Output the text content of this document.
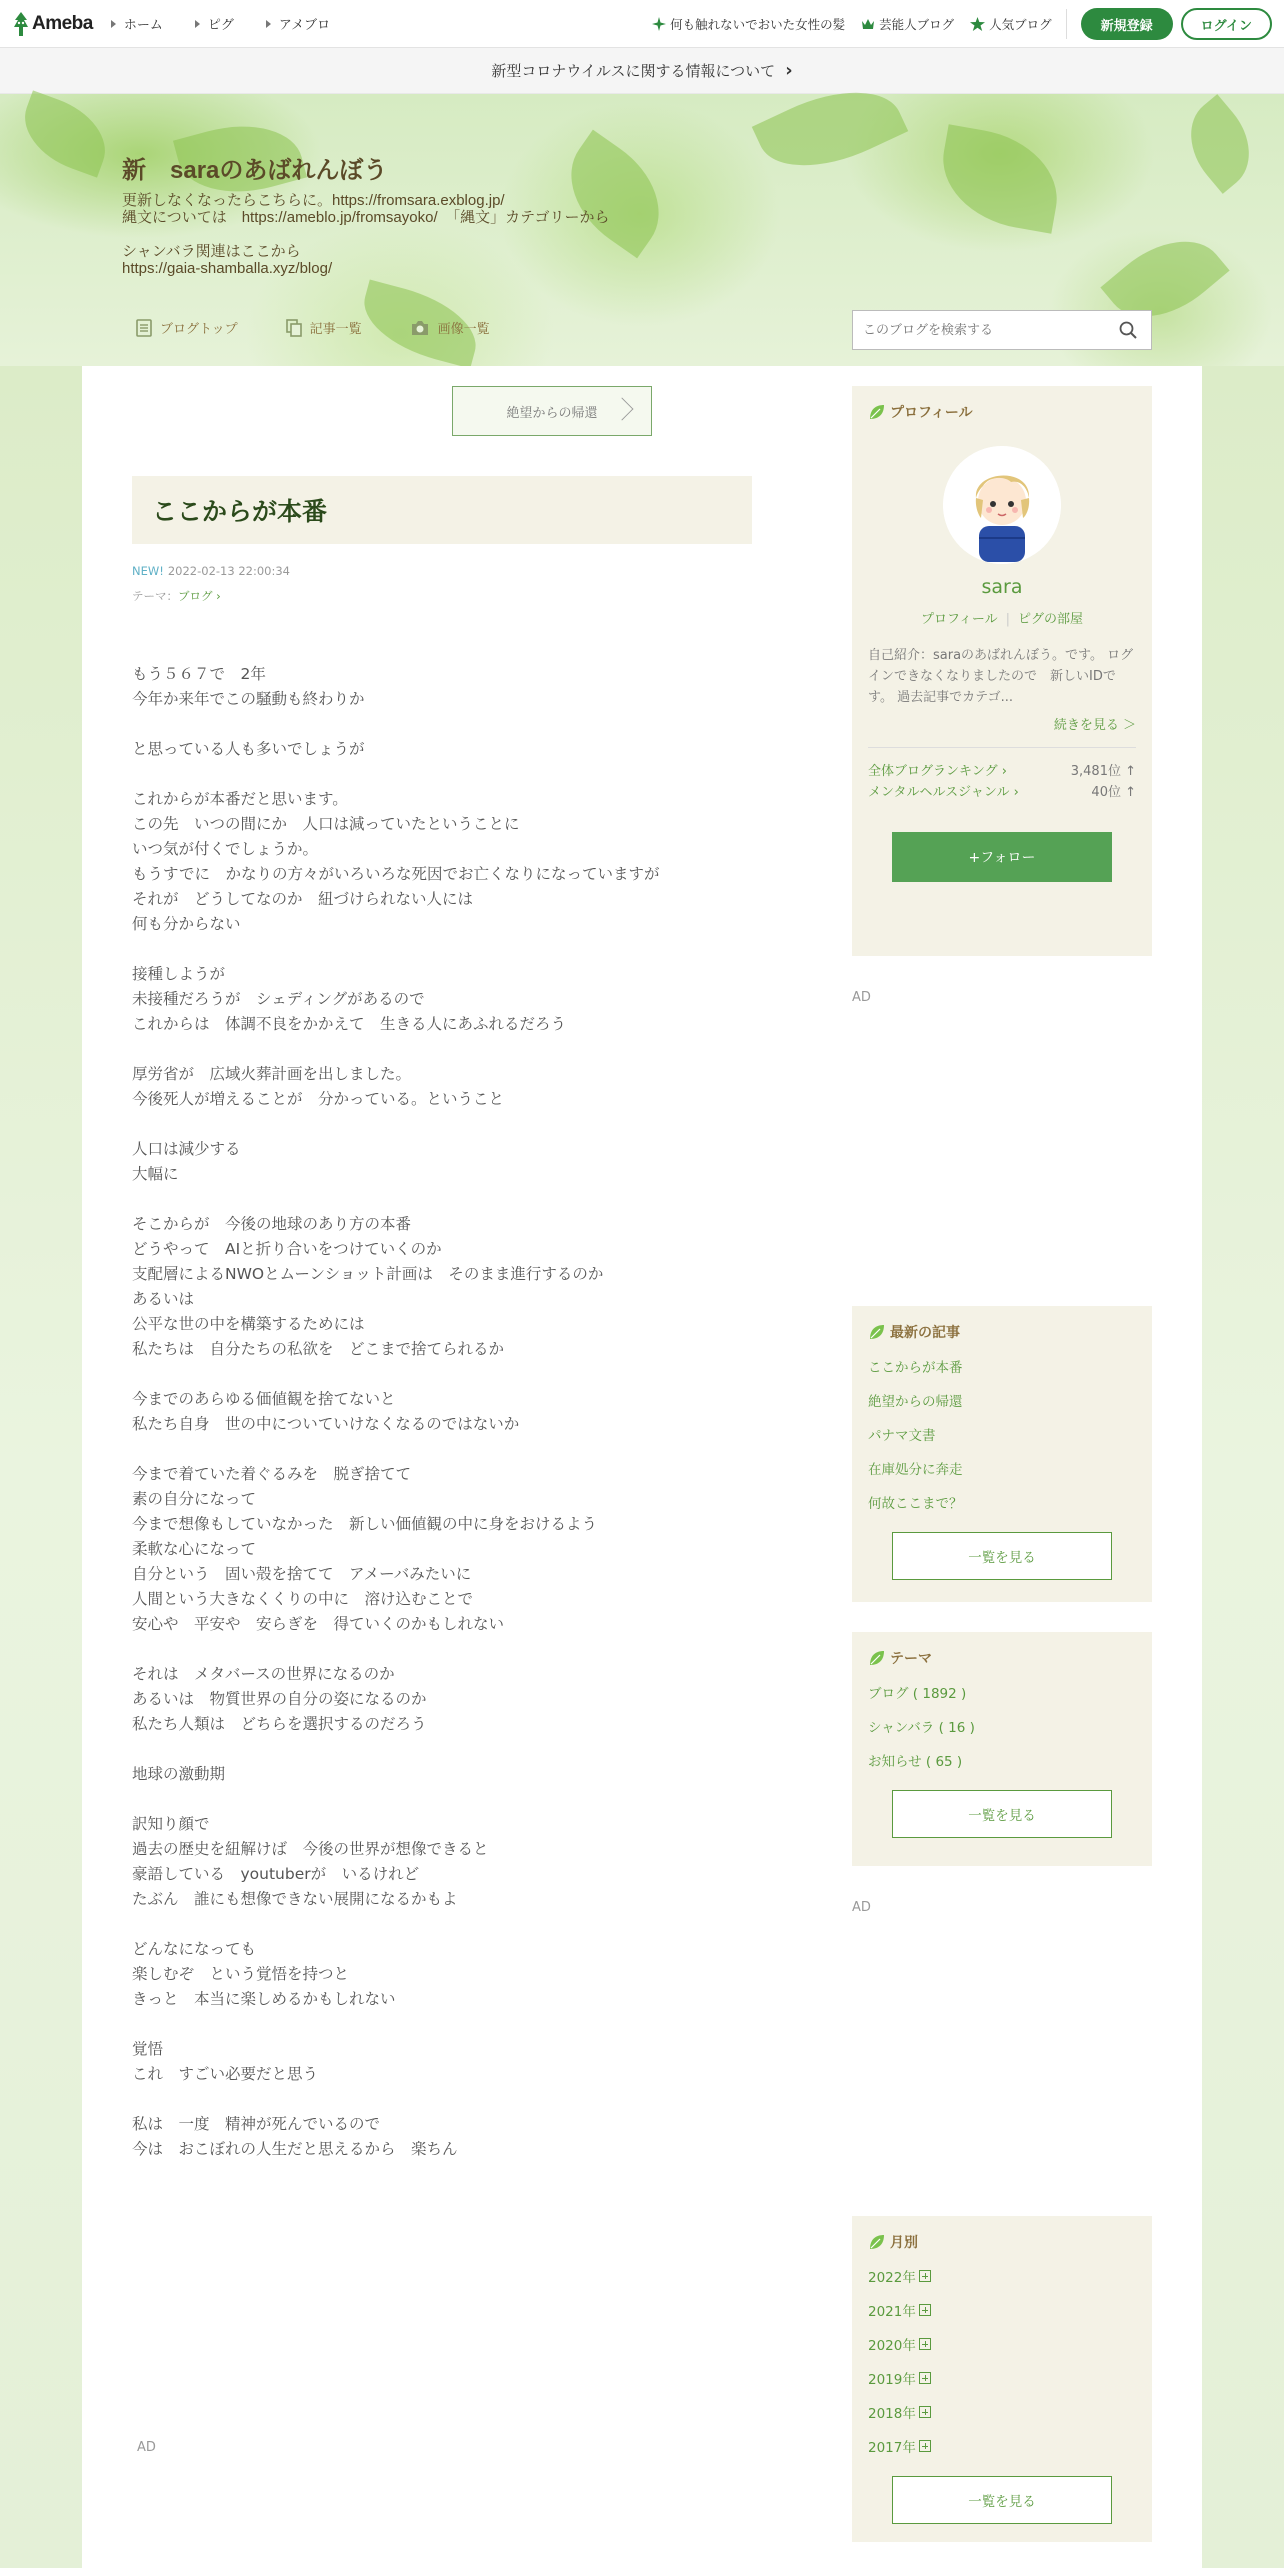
Ameba ホーム	ピグ	アメブロ	何も触れないでおいた女性の髪	芸能人ブログ	人気ブログ	新規登録	ログイン
新型コロナウイルスに関する情報について ›
新　saraのあばれんぼう
更新しなくなったらこちらに。https://fromsara.exblog.jp/
縄文については　https://ameblo.jp/fromsayoko/　「縄文」カテゴリーから

シャンバラ関連はここから
https://gaia-shamballa.xyz/blog/
ブログトップ	記事一覧	画像一覧
このブログを検索する
絶望からの帰還
ここからが本番
NEW! 2022-02-13 22:00:34
テーマ：ブログ ›
もう５６７で　2年
今年か来年でこの騒動も終わりか
と思っている人も多いでしょうが
これからが本番だと思います。
この先　いつの間にか　人口は減っていたということに
いつ気が付くでしょうか。
もうすでに　かなりの方々がいろいろな死因でお亡くなりになっていますが
それが　どうしてなのか　紐づけられない人には
何も分からない
接種しようが
未接種だろうが　シェディングがあるので
これからは　体調不良をかかえて　生きる人にあふれるだろう
厚労省が　広域火葬計画を出しました。
今後死人が増えることが　分かっている。ということ
人口は減少する
大幅に
そこからが　今後の地球のあり方の本番
どうやって　AIと折り合いをつけていくのか
支配層によるNWOとムーンショット計画は　そのまま進行するのか
あるいは
公平な世の中を構築するためには
私たちは　自分たちの私欲を　どこまで捨てられるか
今までのあらゆる価値観を捨てないと
私たち自身　世の中についていけなくなるのではないか
今まで着ていた着ぐるみを　脱ぎ捨てて
素の自分になって
今まで想像もしていなかった　新しい価値観の中に身をおけるよう
柔軟な心になって
自分という　固い殻を捨てて　アメーバみたいに
人間という大きなくくりの中に　溶け込むことで
安心や　平安や　安らぎを　得ていくのかもしれない
それは　メタバースの世界になるのか
あるいは　物質世界の自分の姿になるのか
私たち人類は　どちらを選択するのだろう
地球の激動期
訳知り顔で
過去の歴史を紐解けば　今後の世界が想像できると
豪語している　youtuberが　いるけれど
たぶん　誰にも想像できない展開になるかもよ
どんなになっても
楽しむぞ　という覚悟を持つと
きっと　本当に楽しめるかもしれない
覚悟
これ　すごい必要だと思う
私は　一度　精神が死んでいるので
今は　おこぼれの人生だと思えるから　楽ちん
AD
プロフィール
sara
プロフィール | ピグの部屋
自己紹介：saraのあばれんぼう。です。 ログインできなくなりましたので　新しいIDです。 過去記事でカテゴ...
続きを見る ＞
全体ブログランキング ›	3,481位 ↑
メンタルヘルスジャンル ›	40位 ↑
+フォロー
AD
最新の記事
ここからが本番
絶望からの帰還
パナマ文書
在庫処分に奔走
何故ここまで？
一覧を見る
テーマ
ブログ ( 1892 )
シャンバラ ( 16 )
お知らせ ( 65 )
一覧を見る
AD
月別
2022年
2021年
2020年
2019年
2018年
2017年
一覧を見る
